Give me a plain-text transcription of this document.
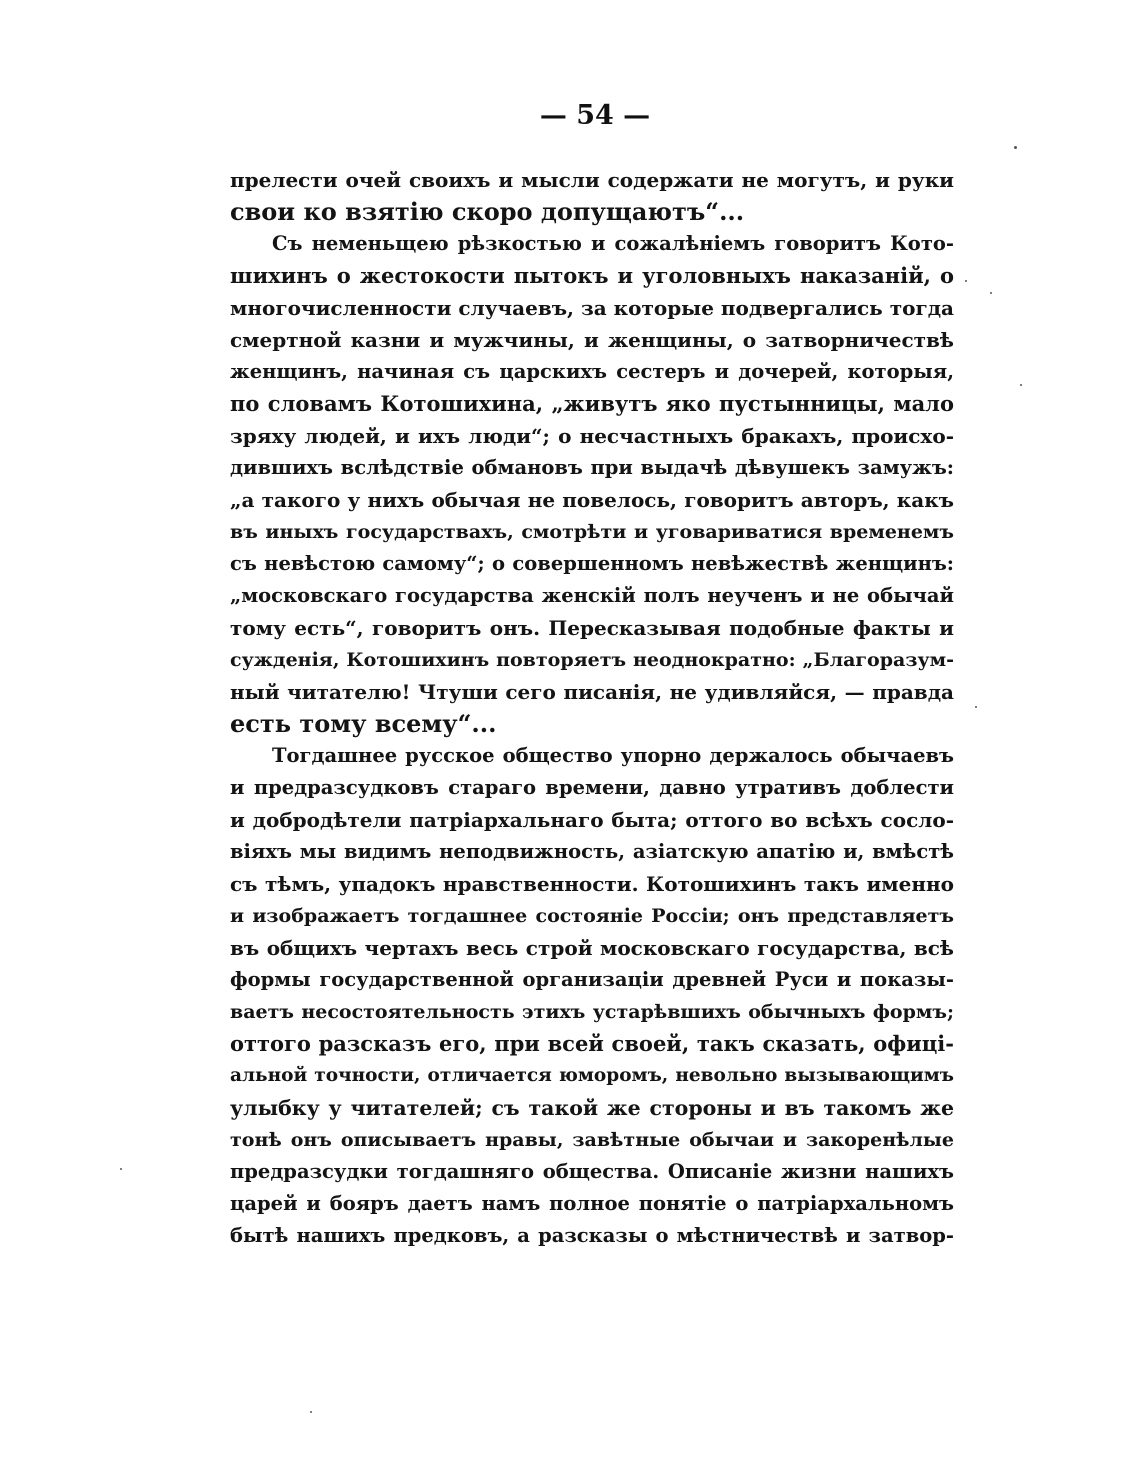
— 54 —
прелести очей своихъ и мысли содержати не могутъ, и руки
свои ко взятію скоро допущаютъ“...
Съ неменьщею рѣзкостью и сожалѣніемъ говоритъ Кото-
шихинъ о жестокости пытокъ и уголовныхъ наказаній, о
многочисленности случаевъ, за которые подвергались тогда
смертной казни и мужчины, и женщины, о затворничествѣ
женщинъ, начиная съ царскихъ сестеръ и дочерей, которыя,
по словамъ Котошихина, „живутъ яко пустынницы, мало
зряху людей, и ихъ люди“; о несчастныхъ бракахъ, происхо-
дившихъ вслѣдствіе обмановъ при выдачѣ дѣвушекъ замужъ:
„а такого у нихъ обычая не повелось, говоритъ авторъ, какъ
въ иныхъ государствахъ, смотрѣти и уговариватися временемъ
съ невѣстою самому“; о совершенномъ невѣжествѣ женщинъ:
„московскаго государства женскій полъ неученъ и не обычай
тому есть“, говоритъ онъ. Пересказывая подобные факты и
сужденія, Котошихинъ повторяетъ неоднократно: „Благоразум-
ный читателю! Чтуши сего писанія, не удивляйся, — правда
есть тому всему“...
Тогдашнее русское общество упорно держалось обычаевъ
и предразсудковъ стараго времени, давно утративъ доблести
и добродѣтели патріархальнаго быта; оттого во всѣхъ сосло-
віяхъ мы видимъ неподвижность, азіатскую апатію и, вмѣстѣ
съ тѣмъ, упадокъ нравственности. Котошихинъ такъ именно
и изображаетъ тогдашнее состояніе Россіи; онъ представляетъ
въ общихъ чертахъ весь строй московскаго государства, всѣ
формы государственной организаціи древней Руси и показы-
ваетъ несостоятельность этихъ устарѣвшихъ обычныхъ формъ;
оттого разсказъ его, при всей своей, такъ сказать, офиці-
альной точности, отличается юморомъ, невольно вызывающимъ
улыбку у читателей; съ такой же стороны и въ такомъ же
тонѣ онъ описываетъ нравы, завѣтные обычаи и закоренѣлые
предразсудки тогдашняго общества. Описаніе жизни нашихъ
царей и бояръ даетъ намъ полное понятіе о патріархальномъ
бытѣ нашихъ предковъ, а разсказы о мѣстничествѣ и затвор-
